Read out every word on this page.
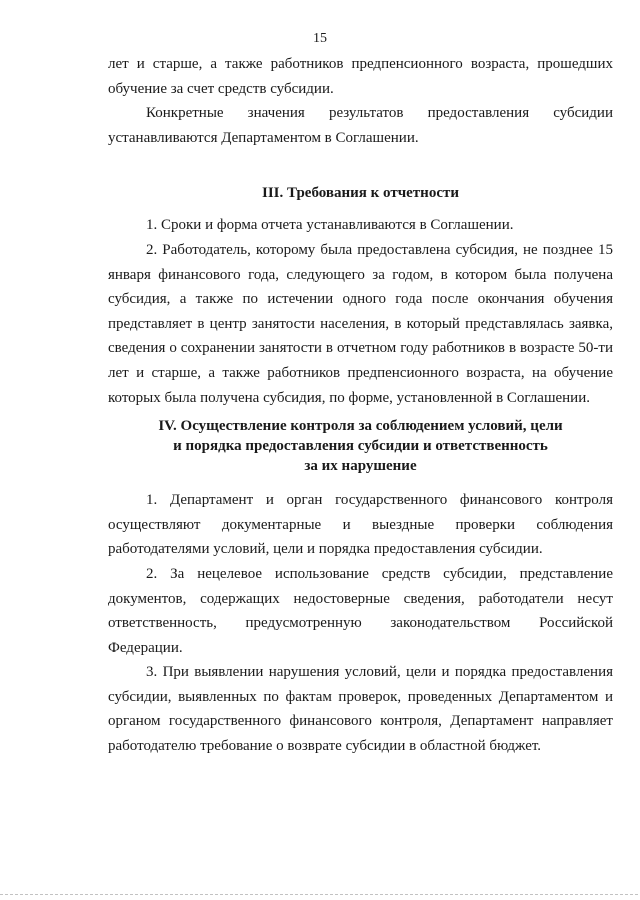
15

лет и старше, а также работников предпенсионного возраста, прошедших обучение за счет средств субсидии.

Конкретные значения результатов предоставления субсидии устанавливаются Департаментом в Соглашении.

III. Требования к отчетности

1. Сроки и форма отчета устанавливаются в Соглашении.

2. Работодатель, которому была предоставлена субсидия, не позднее 15 января финансового года, следующего за годом, в котором была получена субсидия, а также по истечении одного года после окончания обучения представляет в центр занятости населения, в который представлялась заявка, сведения о сохранении занятости в отчетном году работников в возрасте 50-ти лет и старше, а также работников предпенсионного возраста, на обучение которых была получена субсидия, по форме, установленной в Соглашении.

IV. Осуществление контроля за соблюдением условий, цели
и порядка предоставления субсидии и ответственность
за их нарушение

1. Департамент и орган государственного финансового контроля осуществляют документарные и выездные проверки соблюдения работодателями условий, цели и порядка предоставления субсидии.

2. За нецелевое использование средств субсидии, представление документов, содержащих недостоверные сведения, работодатели несут ответственность, предусмотренную законодательством Российской Федерации.

3. При выявлении нарушения условий, цели и порядка предоставления субсидии, выявленных по фактам проверок, проведенных Департаментом и органом государственного финансового контроля, Департамент направляет работодателю требование о возврате субсидии в областной бюджет.
